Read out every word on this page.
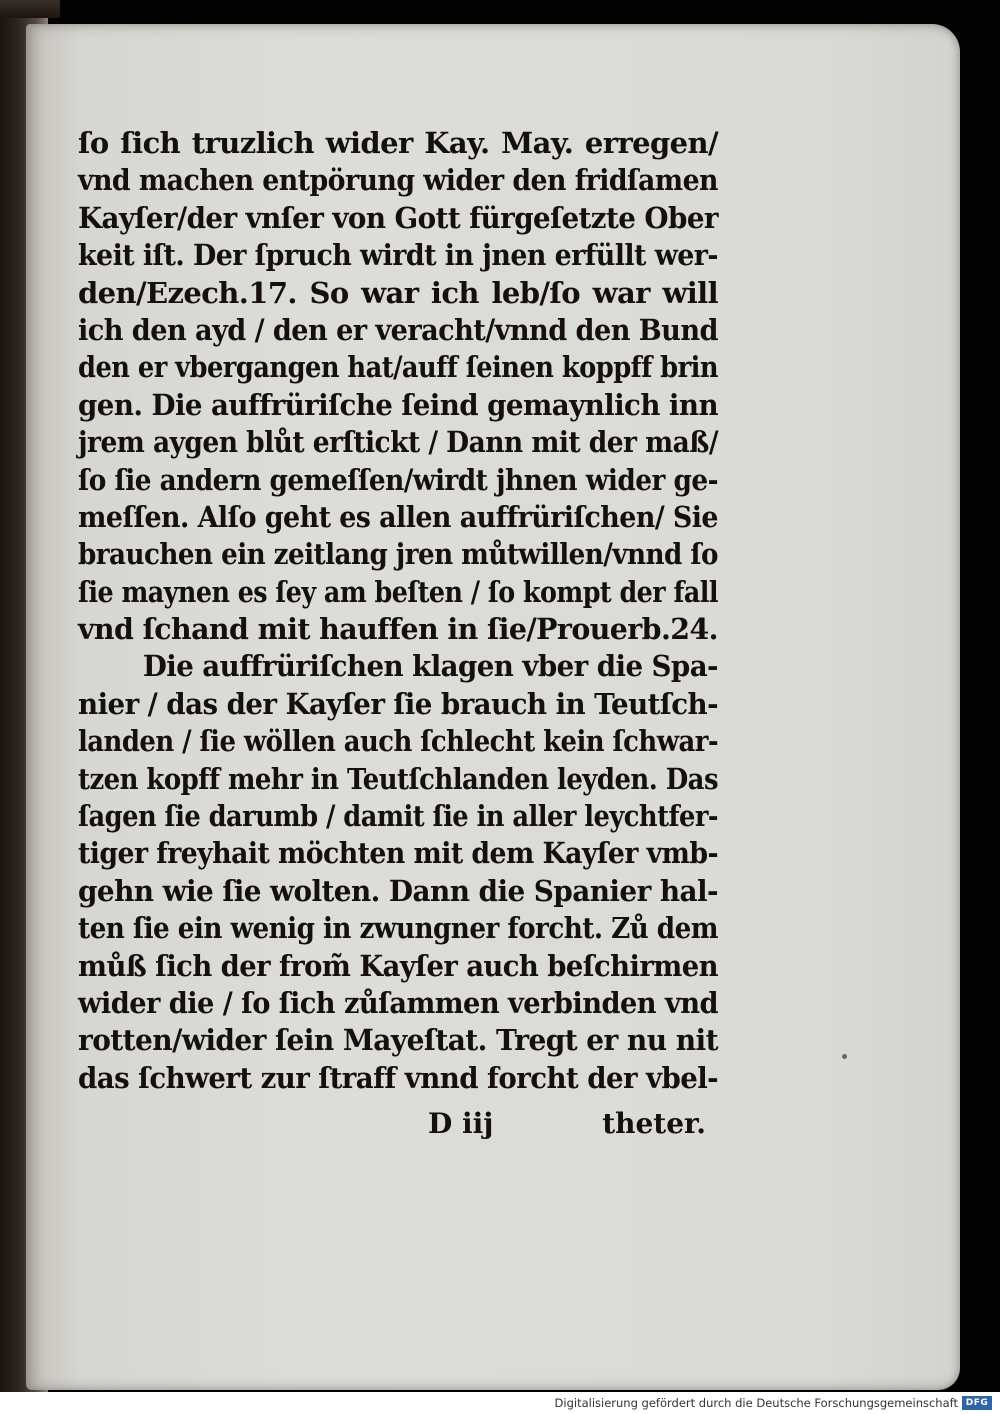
ſo ſich truzlich wider Kay. May. erregen/
vnd machen entpörung wider den fridſamen
Kayſer/der vnſer von Gott fürgeſetzte Ober
keit iſt. Der ſpruch wirdt in jnen erfüllt wer-
den/Ezech.17. So war ich leb/ſo war will
ich den ayd / den er veracht/vnnd den Bund
den er vbergangen hat/auff ſeinen koppff brin
gen. Die auffrüriſche ſeind gemaynlich inn
jrem aygen blůt erſtickt / Dann mit der maß/
ſo ſie andern gemeſſen/wirdt jhnen wider ge-
meſſen. Alſo geht es allen auffrüriſchen/ Sie
brauchen ein zeitlang jren můtwillen/vnnd ſo
ſie maynen es ſey am beſten / ſo kompt der fall
vnd ſchand mit hauffen in ſie/Prouerb.24.
Die auffrüriſchen klagen vber die Spa-
nier / das der Kayſer ſie brauch in Teutſch-
landen / ſie wöllen auch ſchlecht kein ſchwar-
tzen kopff mehr in Teutſchlanden leyden. Das
ſagen ſie darumb / damit ſie in aller leychtfer-
tiger freyhait möchten mit dem Kayſer vmb-
gehn wie ſie wolten. Dann die Spanier hal-
ten ſie ein wenig in zwungner forcht. Zů dem
můß ſich der from̃ Kayſer auch beſchirmen
wider die / ſo ſich zůſammen verbinden vnd
rotten/wider ſein Mayeſtat. Tregt er nu nit
das ſchwert zur ſtraff vnnd forcht der vbel-
D iij	theter.
Digitalisierung gefördert durch die Deutsche Forschungsgemeinschaft DFG
